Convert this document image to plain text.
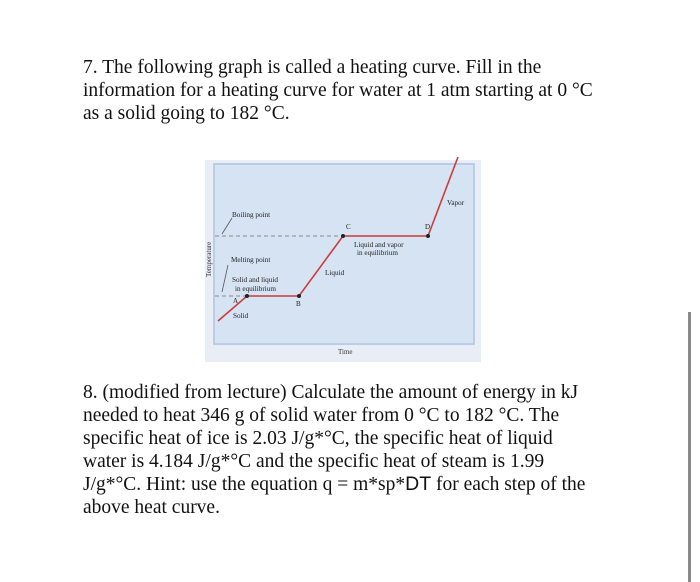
7. The following graph is called a heating curve. Fill in the
information for a heating curve for water at 1 atm starting at 0 °C
as a solid going to 182 °C.
A	B
C	D
Boiling point
Melting point
Solid and liquid
in equilibrium
Solid
Liquid
Liquid and vapor
in equilibrium
Vapor
Time
Temperature
8. (modified from lecture) Calculate the amount of energy in kJ
needed to heat 346 g of solid water from 0 °C to 182 °C. The
specific heat of ice is 2.03 J/g*°C, the specific heat of liquid
water is 4.184 J/g*°C and the specific heat of steam is 1.99
J/g*°C. Hint: use the equation q = m*sp*DT for each step of the
above heat curve.
